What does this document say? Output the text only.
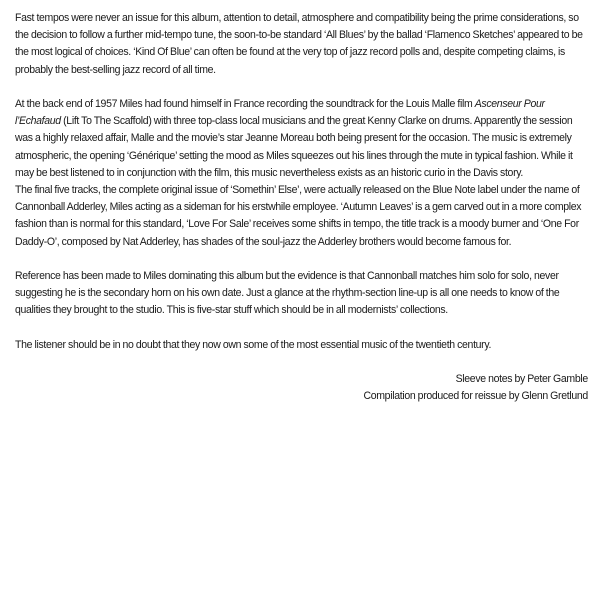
Fast tempos were never an issue for this album, attention to detail, atmosphere and compatibility being the prime considerations, so the decision to follow a further mid-tempo tune, the soon-to-be standard ‘All Blues’ by the ballad ‘Flamenco Sketches’ appeared to be the most logical of choices. ‘Kind Of Blue’ can often be found at the very top of jazz record polls and, despite competing claims, is probably the best-selling jazz record of all time.

At the back end of 1957 Miles had found himself in France recording the soundtrack for the Louis Malle film Ascenseur Pour l’Echafaud (Lift To The Scaffold) with three top-class local musicians and the great Kenny Clarke on drums. Apparently the session was a highly relaxed affair, Malle and the movie’s star Jeanne Moreau both being present for the occasion. The music is extremely atmospheric, the opening ‘Générique’ setting the mood as Miles squeezes out his lines through the mute in typical fashion. While it may be best listened to in conjunction with the film, this music nevertheless exists as an historic curio in the Davis story.

The final five tracks, the complete original issue of ‘Somethin’ Else’, were actually released on the Blue Note label under the name of Cannonball Adderley, Miles acting as a sideman for his erstwhile employee. ‘Autumn Leaves’ is a gem carved out in a more complex fashion than is normal for this standard, ‘Love For Sale’ receives some shifts in tempo, the title track is a moody burner and ‘One For Daddy-O’, composed by Nat Adderley, has shades of the soul-jazz the Adderley brothers would become famous for.

Reference has been made to Miles dominating this album but the evidence is that Cannonball matches him solo for solo, never suggesting he is the secondary horn on his own date. Just a glance at the rhythm-section line-up is all one needs to know of the qualities they brought to the studio. This is five-star stuff which should be in all modernists’ collections.

The listener should be in no doubt that they now own some of the most essential music of the twentieth century.

Sleeve notes by Peter Gamble
Compilation produced for reissue by Glenn Gretlund
